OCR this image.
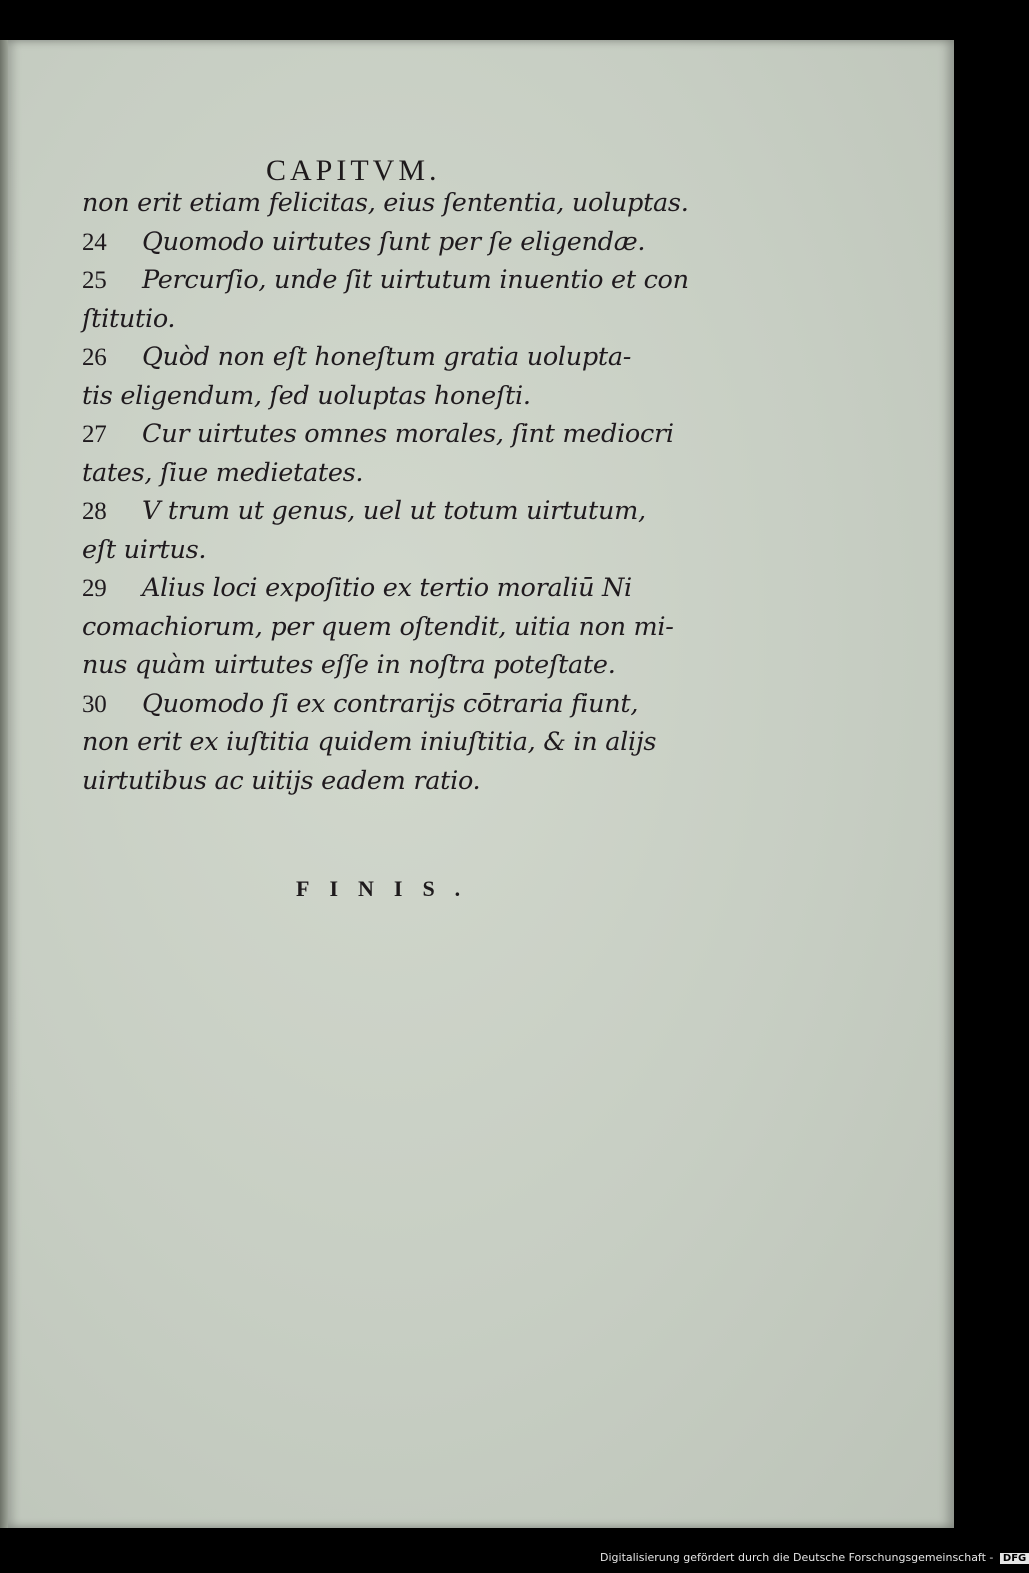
CAPITVM.
non erit etiam felicitas, eius ſententia, uoluptas.
24 Quomodo uirtutes ſunt per ſe eligendæ.
25 Percurſio, unde ſit uirtutum inuentio et con
ſtitutio.
26 Quòd non eſt honeſtum gratia uolupta-
tis eligendum, ſed uoluptas honeſti.
27 Cur uirtutes omnes morales, ſint mediocri
tates, ſiue medietates.
28 V trum ut genus, uel ut totum uirtutum,
eſt uirtus.
29 Alius loci expoſitio ex tertio moraliū Ni
comachiorum, per quem oſtendit, uitia non mi-
nus quàm uirtutes eſſe in noſtra poteſtate.
30 Quomodo ſi ex contrarijs cōtraria fiunt,
non erit ex iuſtitia quidem iniuſtitia, & in alijs
uirtutibus ac uitijs eadem ratio.
FINIS.
Digitalisierung gefördert durch die Deutsche Forschungsgemeinschaft - DFG
